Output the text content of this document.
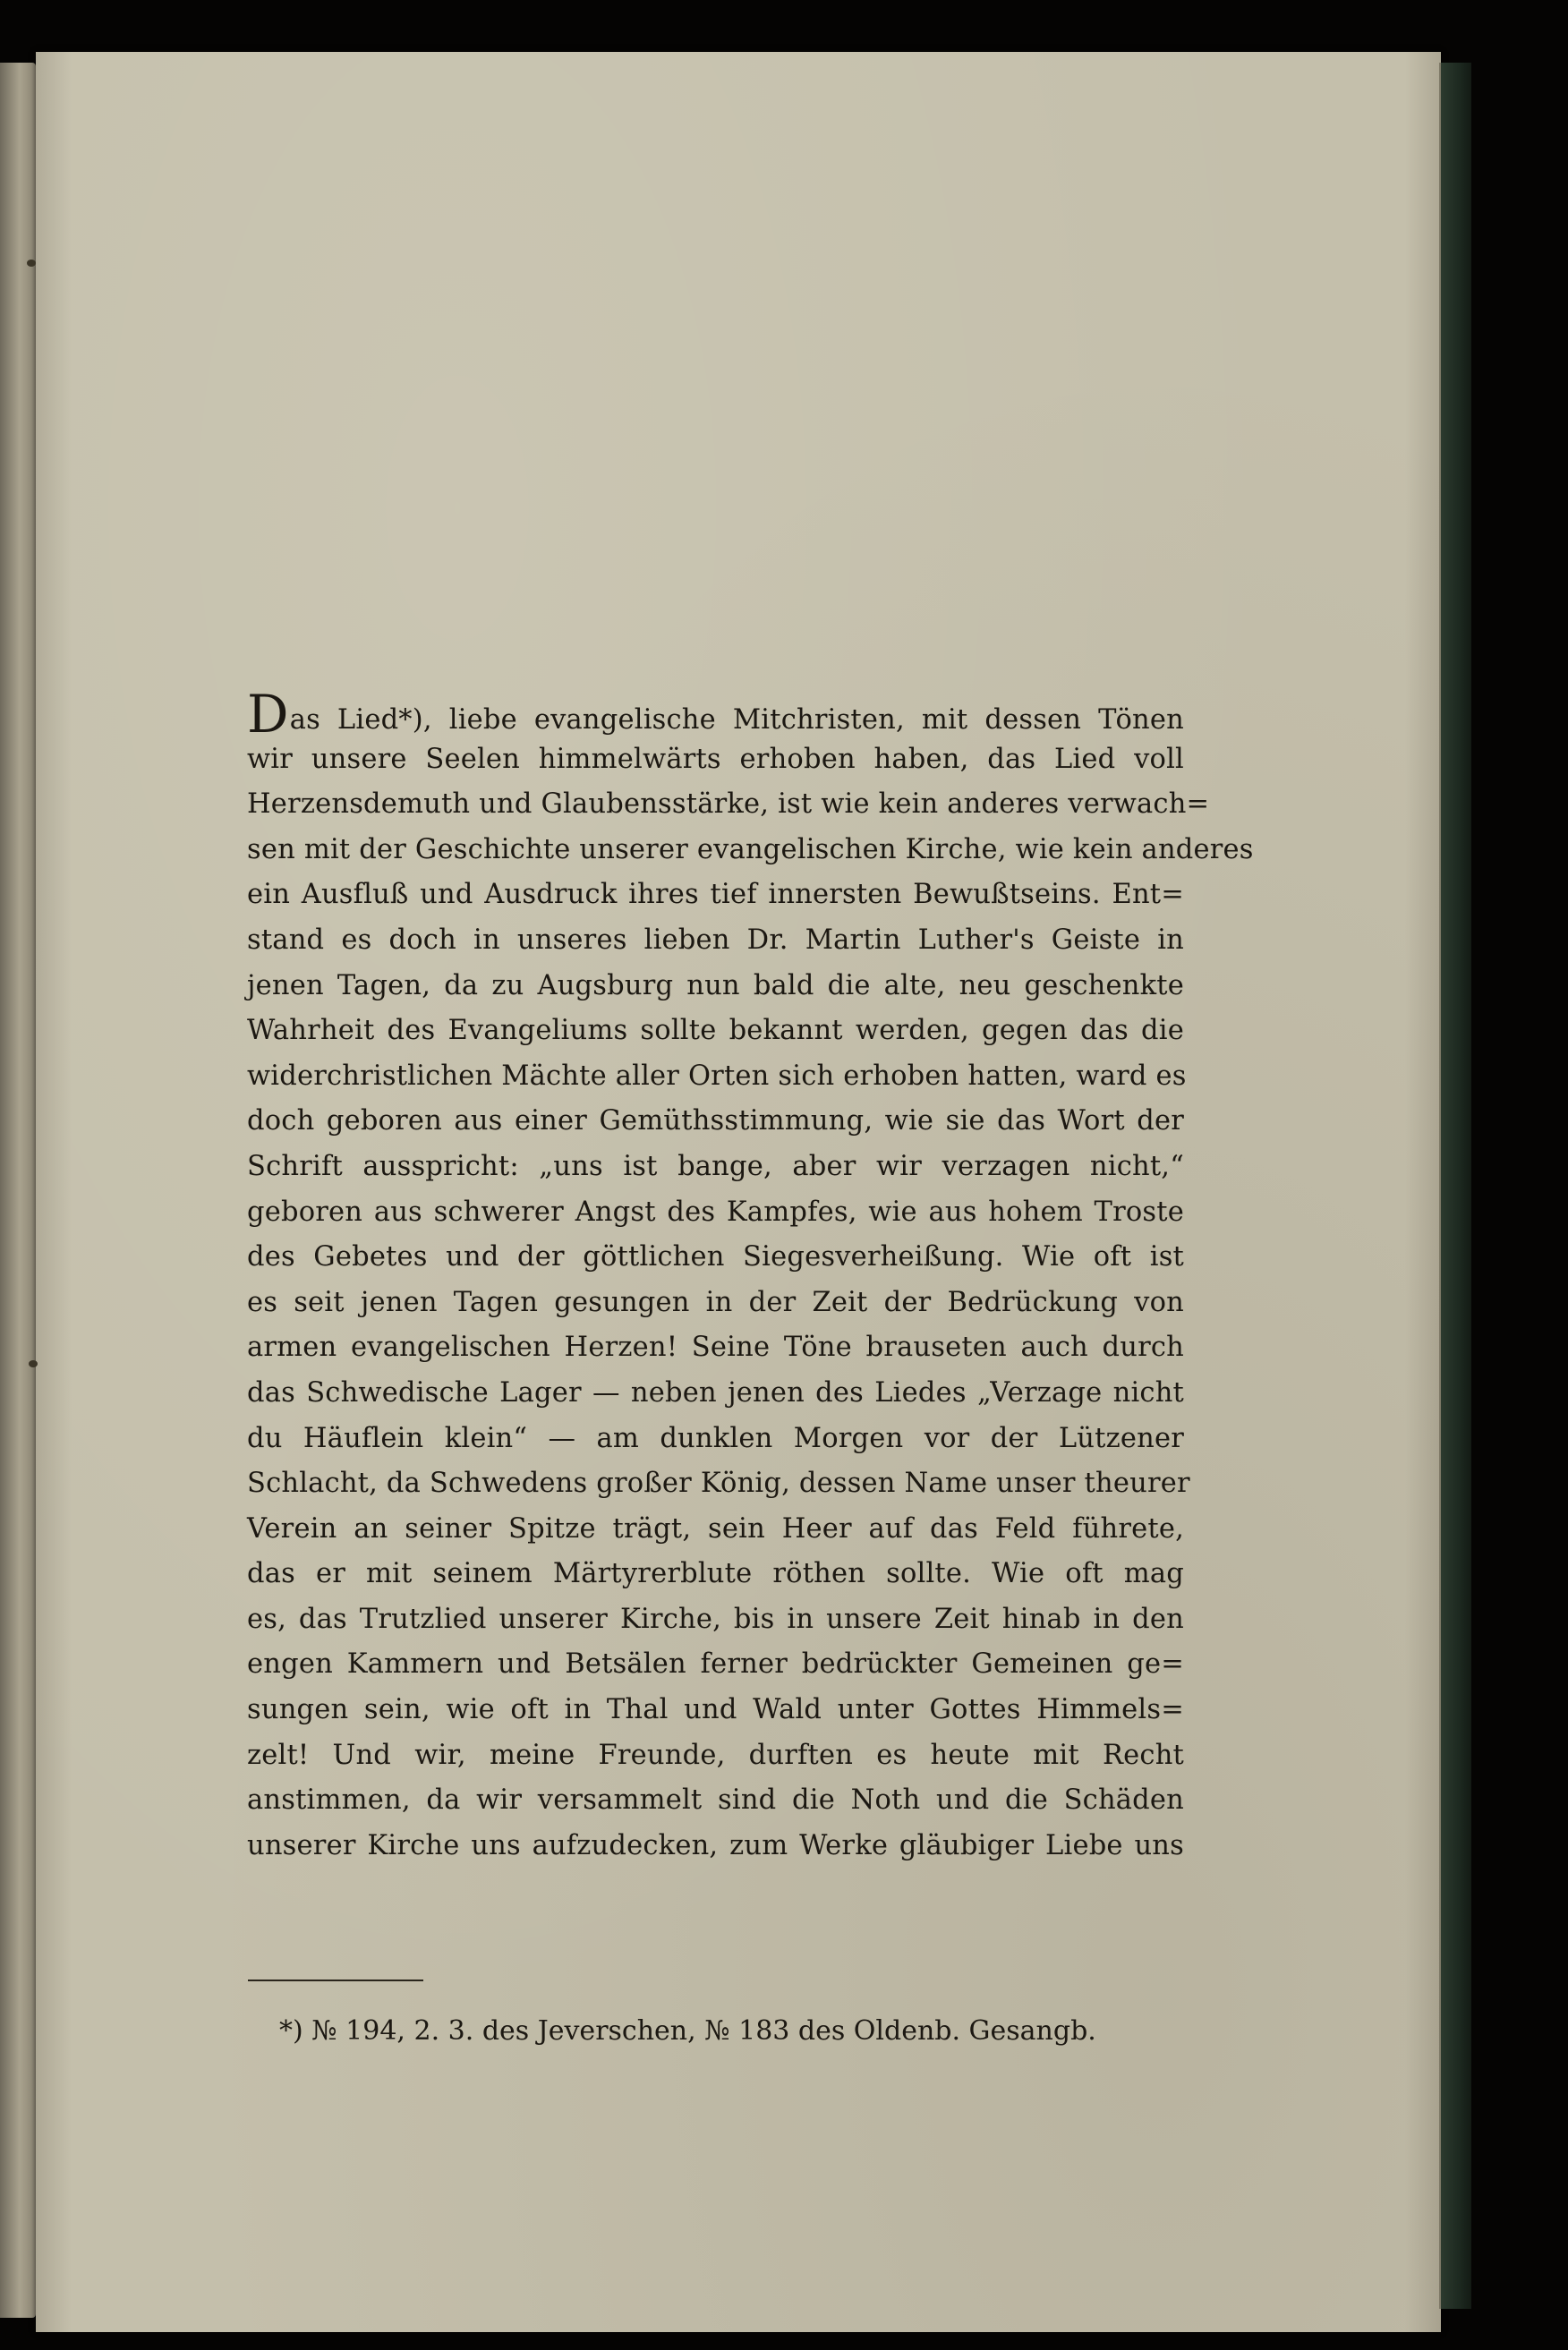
Das Lied*), liebe evangelische Mitchristen, mit dessen Tönen
wir unsere Seelen himmelwärts erhoben haben, das Lied voll
Herzensdemuth und Glaubensstärke, ist wie kein anderes verwach=
sen mit der Geschichte unserer evangelischen Kirche, wie kein anderes
ein Ausfluß und Ausdruck ihres tief innersten Bewußtseins. Ent=
stand es doch in unseres lieben Dr. Martin Luther's Geiste in
jenen Tagen, da zu Augsburg nun bald die alte, neu geschenkte
Wahrheit des Evangeliums sollte bekannt werden, gegen das die
widerchristlichen Mächte aller Orten sich erhoben hatten, ward es
doch geboren aus einer Gemüthsstimmung, wie sie das Wort der
Schrift ausspricht: „uns ist bange, aber wir verzagen nicht,“
geboren aus schwerer Angst des Kampfes, wie aus hohem Troste
des Gebetes und der göttlichen Siegesverheißung. Wie oft ist
es seit jenen Tagen gesungen in der Zeit der Bedrückung von
armen evangelischen Herzen! Seine Töne brauseten auch durch
das Schwedische Lager — neben jenen des Liedes „Verzage nicht
du Häuflein klein“ — am dunklen Morgen vor der Lützener
Schlacht, da Schwedens großer König, dessen Name unser theurer
Verein an seiner Spitze trägt, sein Heer auf das Feld führete,
das er mit seinem Märtyrerblute röthen sollte. Wie oft mag
es, das Trutzlied unserer Kirche, bis in unsere Zeit hinab in den
engen Kammern und Betsälen ferner bedrückter Gemeinen ge=
sungen sein, wie oft in Thal und Wald unter Gottes Himmels=
zelt! Und wir, meine Freunde, durften es heute mit Recht
anstimmen, da wir versammelt sind die Noth und die Schäden
unserer Kirche uns aufzudecken, zum Werke gläubiger Liebe uns
*) № 194, 2. 3. des Jeverschen, № 183 des Oldenb. Gesangb.
